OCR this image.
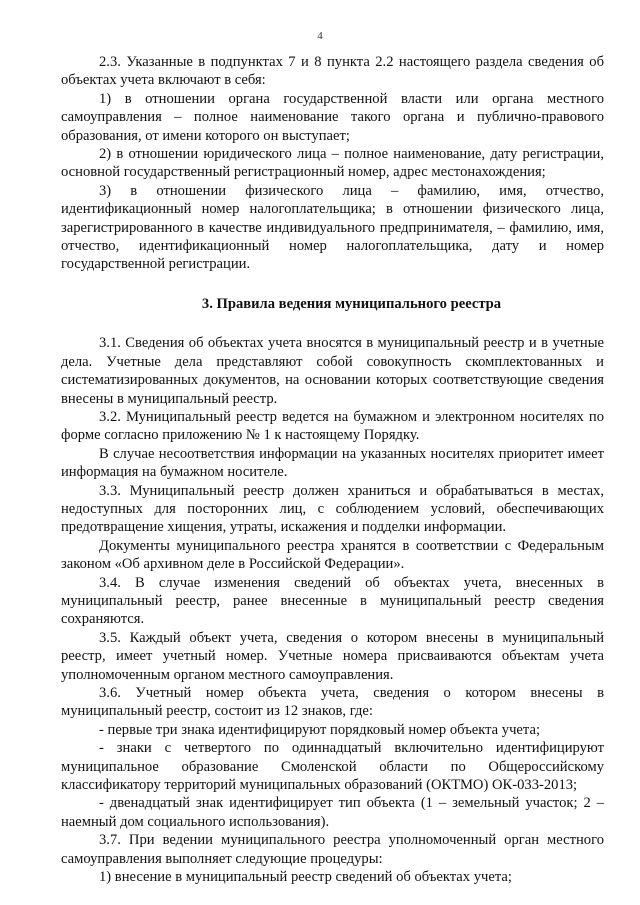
4

2.3. Указанные в подпунктах 7 и 8 пункта 2.2 настоящего раздела сведения об объектах учета включают в себя:

1) в отношении органа государственной власти или органа местного самоуправления – полное наименование такого органа и публично-правового образования, от имени которого он выступает;

2) в отношении юридического лица – полное наименование, дату регистрации, основной государственный регистрационный номер, адрес местонахождения;

3) в отношении физического лица – фамилию, имя, отчество, идентификационный номер налогоплательщика; в отношении физического лица, зарегистрированного в качестве индивидуального предпринимателя, – фамилию, имя, отчество, идентификационный номер налогоплательщика, дату и номер государственной регистрации.

3. Правила ведения муниципального реестра

3.1. Сведения об объектах учета вносятся в муниципальный реестр и в учетные дела. Учетные дела представляют собой совокупность скомплектованных и систематизированных документов, на основании которых соответствующие сведения внесены в муниципальный реестр.

3.2. Муниципальный реестр ведется на бумажном и электронном носителях по форме согласно приложению № 1 к настоящему Порядку.

В случае несоответствия информации на указанных носителях приоритет имеет информация на бумажном носителе.

3.3. Муниципальный реестр должен храниться и обрабатываться в местах, недоступных для посторонних лиц, с соблюдением условий, обеспечивающих предотвращение хищения, утраты, искажения и подделки информации.

Документы муниципального реестра хранятся в соответствии с Федеральным законом «Об архивном деле в Российской Федерации».

3.4. В случае изменения сведений об объектах учета, внесенных в муниципальный реестр, ранее внесенные в муниципальный реестр сведения сохраняются.

3.5. Каждый объект учета, сведения о котором внесены в муниципальный реестр, имеет учетный номер. Учетные номера присваиваются объектам учета уполномоченным органом местного самоуправления.

3.6. Учетный номер объекта учета, сведения о котором внесены в муниципальный реестр, состоит из 12 знаков, где:

- первые три знака идентифицируют порядковый номер объекта учета;

- знаки с четвертого по одиннадцатый включительно идентифицируют муниципальное образование Смоленской области по Общероссийскому классификатору территорий муниципальных образований (ОКТМО) ОК-033-2013;

- двенадцатый знак идентифицирует тип объекта (1 – земельный участок; 2 – наемный дом социального использования).

3.7. При ведении муниципального реестра уполномоченный орган местного самоуправления выполняет следующие процедуры:

1) внесение в муниципальный реестр сведений об объектах учета;
